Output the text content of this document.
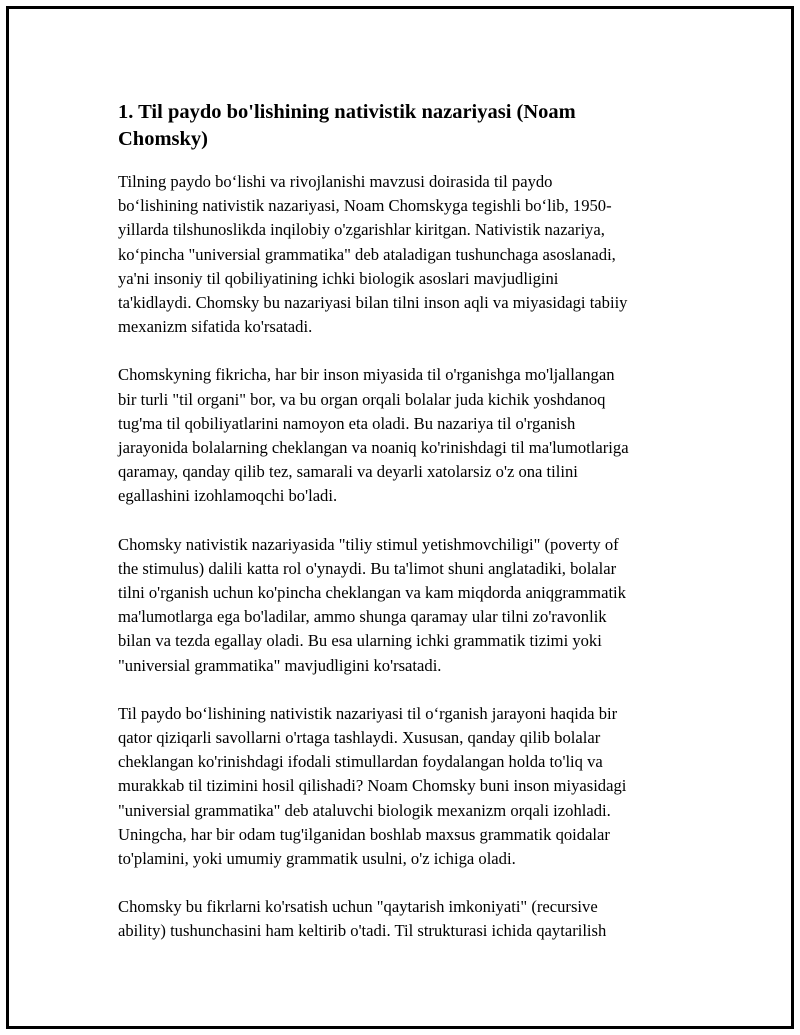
1. Til paydo bo'lishining nativistik nazariyasi (Noam
Chomsky)
Tilning paydo bo‘lishi va rivojlanishi mavzusi doirasida til paydo
bo‘lishining nativistik nazariyasi, Noam Chomskyga tegishli bo‘lib, 1950-
yillarda tilshunoslikda inqilobiy o'zgarishlar kiritgan. Nativistik nazariya,
ko‘pincha "universial grammatika" deb ataladigan tushunchaga asoslanadi,
ya'ni insoniy til qobiliyatining ichki biologik asoslari mavjudligini
ta'kidlaydi. Chomsky bu nazariyasi bilan tilni inson aqli va miyasidagi tabiiy
mexanizm sifatida ko'rsatadi.
Chomskyning fikricha, har bir inson miyasida til o'rganishga mo'ljallangan
bir turli "til organi" bor, va bu organ orqali bolalar juda kichik yoshdanoq
tug'ma til qobiliyatlarini namoyon eta oladi. Bu nazariya til o'rganish
jarayonida bolalarning cheklangan va noaniq ko'rinishdagi til ma'lumotlariga
qaramay, qanday qilib tez, samarali va deyarli xatolarsiz o'z ona tilini
egallashini izohlamoqchi bo'ladi.
Chomsky nativistik nazariyasida "tiliy stimul yetishmovchiligi" (poverty of
the stimulus) dalili katta rol o'ynaydi. Bu ta'limot shuni anglatadiki, bolalar
tilni o'rganish uchun ko'pincha cheklangan va kam miqdorda aniqgrammatik
ma'lumotlarga ega bo'ladilar, ammo shunga qaramay ular tilni zo'ravonlik
bilan va tezda egallay oladi. Bu esa ularning ichki grammatik tizimi yoki
"universial grammatika" mavjudligini ko'rsatadi.
Til paydo bo‘lishining nativistik nazariyasi til o‘rganish jarayoni haqida bir
qator qiziqarli savollarni o'rtaga tashlaydi. Xususan, qanday qilib bolalar
cheklangan ko'rinishdagi ifodali stimullardan foydalangan holda to'liq va
murakkab til tizimini hosil qilishadi? Noam Chomsky buni inson miyasidagi
"universial grammatika" deb ataluvchi biologik mexanizm orqali izohladi.
Uningcha, har bir odam tug'ilganidan boshlab maxsus grammatik qoidalar
to'plamini, yoki umumiy grammatik usulni, o'z ichiga oladi.
Chomsky bu fikrlarni ko'rsatish uchun "qaytarish imkoniyati" (recursive
ability) tushunchasini ham keltirib o'tadi. Til strukturasi ichida qaytarilish
